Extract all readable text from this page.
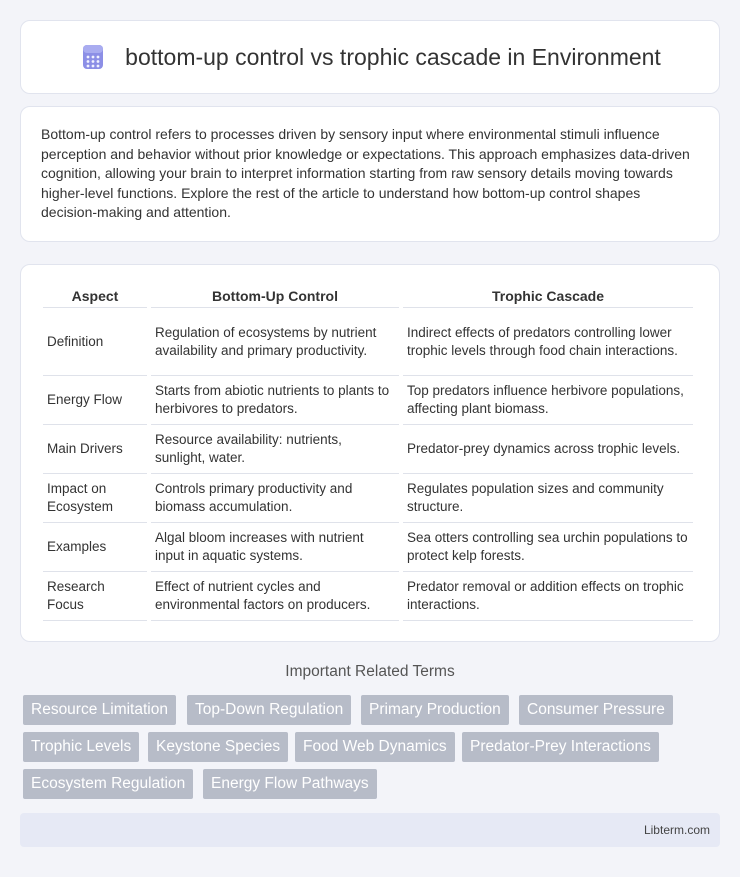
bottom-up control vs trophic cascade in Environment

Bottom-up control refers to processes driven by sensory input where environmental stimuli influence perception and behavior without prior knowledge or expectations. This approach emphasizes data-driven cognition, allowing your brain to interpret information starting from raw sensory details moving towards higher-level functions. Explore the rest of the article to understand how bottom-up control shapes decision-making and attention.

Aspect	Bottom-Up Control	Trophic Cascade
Definition	Regulation of ecosystems by nutrient availability and primary productivity.	Indirect effects of predators controlling lower trophic levels through food chain interactions.
Energy Flow	Starts from abiotic nutrients to plants to herbivores to predators.	Top predators influence herbivore populations, affecting plant biomass.
Main Drivers	Resource availability: nutrients, sunlight, water.	Predator-prey dynamics across trophic levels.
Impact on Ecosystem	Controls primary productivity and biomass accumulation.	Regulates population sizes and community structure.
Examples	Algal bloom increases with nutrient input in aquatic systems.	Sea otters controlling sea urchin populations to protect kelp forests.
Research Focus	Effect of nutrient cycles and environmental factors on producers.	Predator removal or addition effects on trophic interactions.
Important Related Terms
Resource Limitation	Top-Down Regulation	Primary Production	Consumer Pressure
Trophic Levels	Keystone Species	Food Web Dynamics	Predator-Prey Interactions
Ecosystem Regulation	Energy Flow Pathways
Libterm.com
